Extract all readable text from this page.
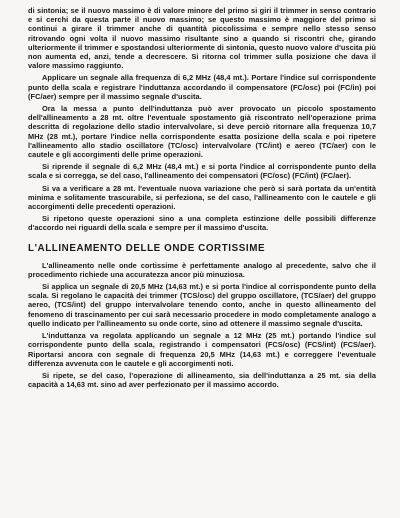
di sintonia; se il nuovo massimo è di valore minore del primo si giri il trimmer in senso contrario e si cerchi da questa parte il nuovo massimo; se questo massimo è maggiore del primo si continui a girare il trimmer anche di quantità piccolissima e sempre nello stesso senso ritrovando ogni volta il nuovo massimo risultante sino a quando si riscontri che, girando ulteriormente il trimmer e spostandosi ulteriormente di sintonia, questo nuovo valore d'uscita più non aumenta ed, anzi, tende a decrescere. Si ritorna col trimmer sulla posizione che dava il valore massimo raggiunto.

Applicare un segnale alla frequenza di 6,2 MHz (48,4 mt.). Portare l'indice sul corrispondente punto della scala e registrare l'induttanza accordando il compensatore (FC/osc) poi (FC/in) poi (FC/aer) sempre per il massimo segnale d'uscita.

Ora la messa a punto dell'induttanza può aver provocato un piccolo spostamento dell'allineamento a 28 mt. oltre l'eventuale spostamento già riscontrato nell'operazione prima descritta di regolazione dello stadio intervalvolare, si deve perciò ritornare alla frequenza 10,7 MHz (28 mt.), portare l'indice nella corrispondente esatta posizione della scala e poi ripetere l'allineamento allo stadio oscillatore (TC/osc) intervalvolare (TC/int) e aereo (TC/aer) con le cautele e gli accorgimenti delle prime operazioni.

Si riprende il segnale di 6,2 MHz (48,4 mt.) e si porta l'indice al corrispondente punto della scala e si corregga, se del caso, l'allineamento dei compensatori (FC/osc) (FC/int) (FC/aer).

Si va a verificare a 28 mt. l'eventuale nuova variazione che però si sarà portata da un'entità minima e solitamente trascurabile, si perfeziona, se del caso, l'allineamento con le cautele e gli accorgimenti delle precedenti operazioni.

Si ripetono queste operazioni sino a una completa estinzione delle possibili differenze d'accordo nei riguardi della scala e sempre per il massimo d'uscita.

L'ALLINEAMENTO DELLE ONDE CORTISSIME

L'allineamento nelle onde cortissime è perfettamente analogo al precedente, salvo che il procedimento richiede una accuratezza ancor più minuziosa.

Si applica un segnale di 20,5 MHz (14,63 mt.) e si porta l'indice al corrispondente punto della scala. Si regolano le capacità dei trimmer (TCS/osc) del gruppo oscillatore, (TCS/aer) del gruppo aereo, (TCS/int) del gruppo intervalvolare tenendo conto, anche in questo allineamento del fenomeno di trascinamento per cui sarà necessario procedere in modo completamente analogo a quello indicato per l'allineamento su onde corte, sino ad ottenere il massimo segnale d'uscita.

L'induttanza va regolata applicando un segnale a 12 MHz (25 mt.) portando l'indice sul corrispondente punto della scala, registrando i compensatori (FCS/osc) (FCS/int) (FCS/aer). Riportarsi ancora con segnale di frequenza 20,5 MHz (14,63 mt.) e correggere l'eventuale differenza avvenuta con le cautele e gli accorgimenti noti.

Si ripete, se del caso, l'operazione di allineamento, sia dell'induttanza a 25 mt. sia della capacità a 14,63 mt. sino ad aver perfezionato per il massimo accordo.
